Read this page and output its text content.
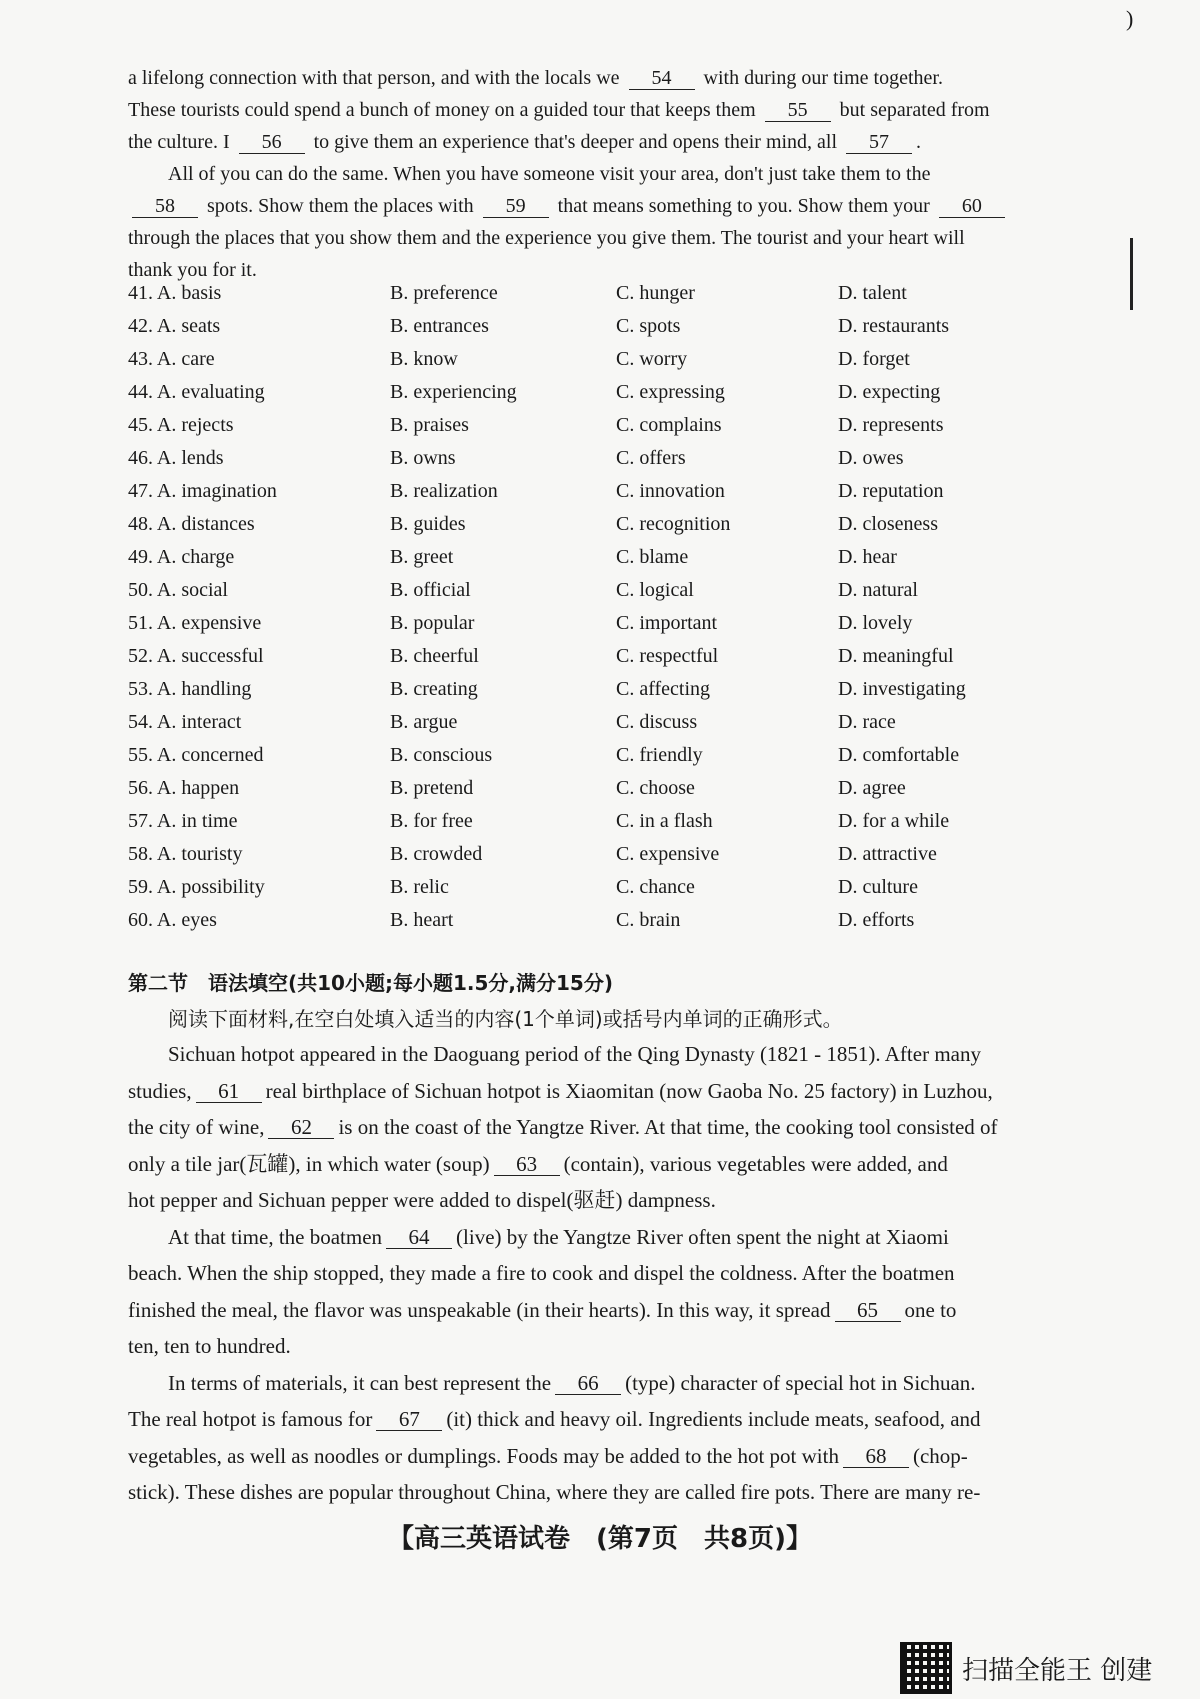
)
a lifelong connection with that person, and with the locals we 54 with during our time together.
These tourists could spend a bunch of money on a guided tour that keeps them 55 but separated from
the culture. I 56 to give them an experience that's deeper and opens their mind, all 57 .
All of you can do the same. When you have someone visit your area, don't just take them to the
58 spots. Show them the places with 59 that means something to you. Show them your 60
through the places that you show them and the experience you give them. The tourist and your heart will
thank you for it.
41. A. basis	B. preference	C. hunger	D. talent
42. A. seats	B. entrances	C. spots	D. restaurants
43. A. care	B. know	C. worry	D. forget
44. A. evaluating	B. experiencing	C. expressing	D. expecting
45. A. rejects	B. praises	C. complains	D. represents
46. A. lends	B. owns	C. offers	D. owes
47. A. imagination	B. realization	C. innovation	D. reputation
48. A. distances	B. guides	C. recognition	D. closeness
49. A. charge	B. greet	C. blame	D. hear
50. A. social	B. official	C. logical	D. natural
51. A. expensive	B. popular	C. important	D. lovely
52. A. successful	B. cheerful	C. respectful	D. meaningful
53. A. handling	B. creating	C. affecting	D. investigating
54. A. interact	B. argue	C. discuss	D. race
55. A. concerned	B. conscious	C. friendly	D. comfortable
56. A. happen	B. pretend	C. choose	D. agree
57. A. in time	B. for free	C. in a flash	D. for a while
58. A. touristy	B. crowded	C. expensive	D. attractive
59. A. possibility	B. relic	C. chance	D. culture
60. A. eyes	B. heart	C. brain	D. efforts
第二节　语法填空(共10小题;每小题1.5分,满分15分)
阅读下面材料,在空白处填入适当的内容(1个单词)或括号内单词的正确形式。
Sichuan hotpot appeared in the Daoguang period of the Qing Dynasty (1821 - 1851). After many
studies, 61 real birthplace of Sichuan hotpot is Xiaomitan (now Gaoba No. 25 factory) in Luzhou,
the city of wine, 62 is on the coast of the Yangtze River. At that time, the cooking tool consisted of
only a tile jar(瓦罐), in which water (soup) 63 (contain), various vegetables were added, and
hot pepper and Sichuan pepper were added to dispel(驱赶) dampness.
At that time, the boatmen 64 (live) by the Yangtze River often spent the night at Xiaomi
beach. When the ship stopped, they made a fire to cook and dispel the coldness. After the boatmen
finished the meal, the flavor was unspeakable (in their hearts). In this way, it spread 65 one to
ten, ten to hundred.
In terms of materials, it can best represent the 66 (type) character of special hot in Sichuan.
The real hotpot is famous for 67 (it) thick and heavy oil. Ingredients include meats, seafood, and
vegetables, as well as noodles or dumplings. Foods may be added to the hot pot with 68 (chop-
stick). These dishes are popular throughout China, where they are called fire pots. There are many re-
【高三英语试卷　(第7页　共8页)】
扫描全能王 创建
